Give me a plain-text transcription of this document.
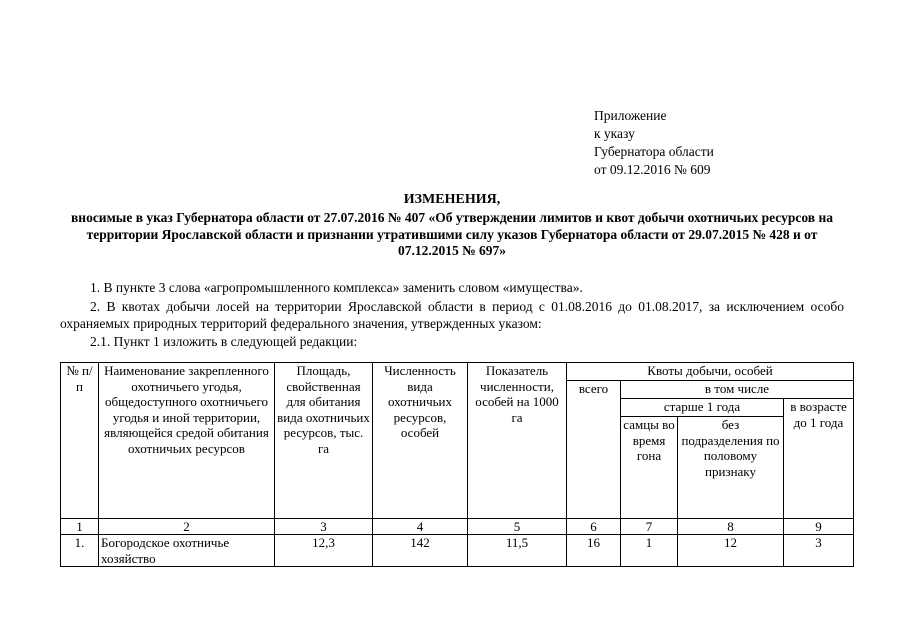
Приложение
к указу
Губернатора области
от 09.12.2016 № 609
ИЗМЕНЕНИЯ,
вносимые в указ Губернатора области от 27.07.2016 № 407 «Об утверждении лимитов и квот добычи охотничьих ресурсов на территории Ярославской области и признании утратившими силу указов Губернатора области от 29.07.2015 № 428 и от 07.12.2015 № 697»

1. В пункте 3 слова «агропромышленного комплекса» заменить словом «имущества».

2. В квотах добычи лосей на территории Ярославской области в период с 01.08.2016 до 01.08.2017, за исключением особо охраняемых природных территорий федерального значения, утвержденных указом:

2.1. Пункт 1 изложить в следующей редакции:

№ п/п	Наименование закрепленного охотничьего угодья, общедоступного охотничьего угодья и иной территории, являющейся средой обитания охотничьих ресурсов	Площадь, свойственная для обитания вида охотничьих ресурсов, тыс. га	Численность вида охотничьих ресурсов, особей	Показатель численности, особей на 1000 га	Квоты добычи, особей			
					всего	в том числе		
						старше 1 года		в возрасте до 1 года
						самцы во время гона	без подразделения по половому признаку	
1	2	3	4	5	6	7	8	9
1.	Богородское охотничье хозяйство	12,3	142	11,5	16	1	12	3
